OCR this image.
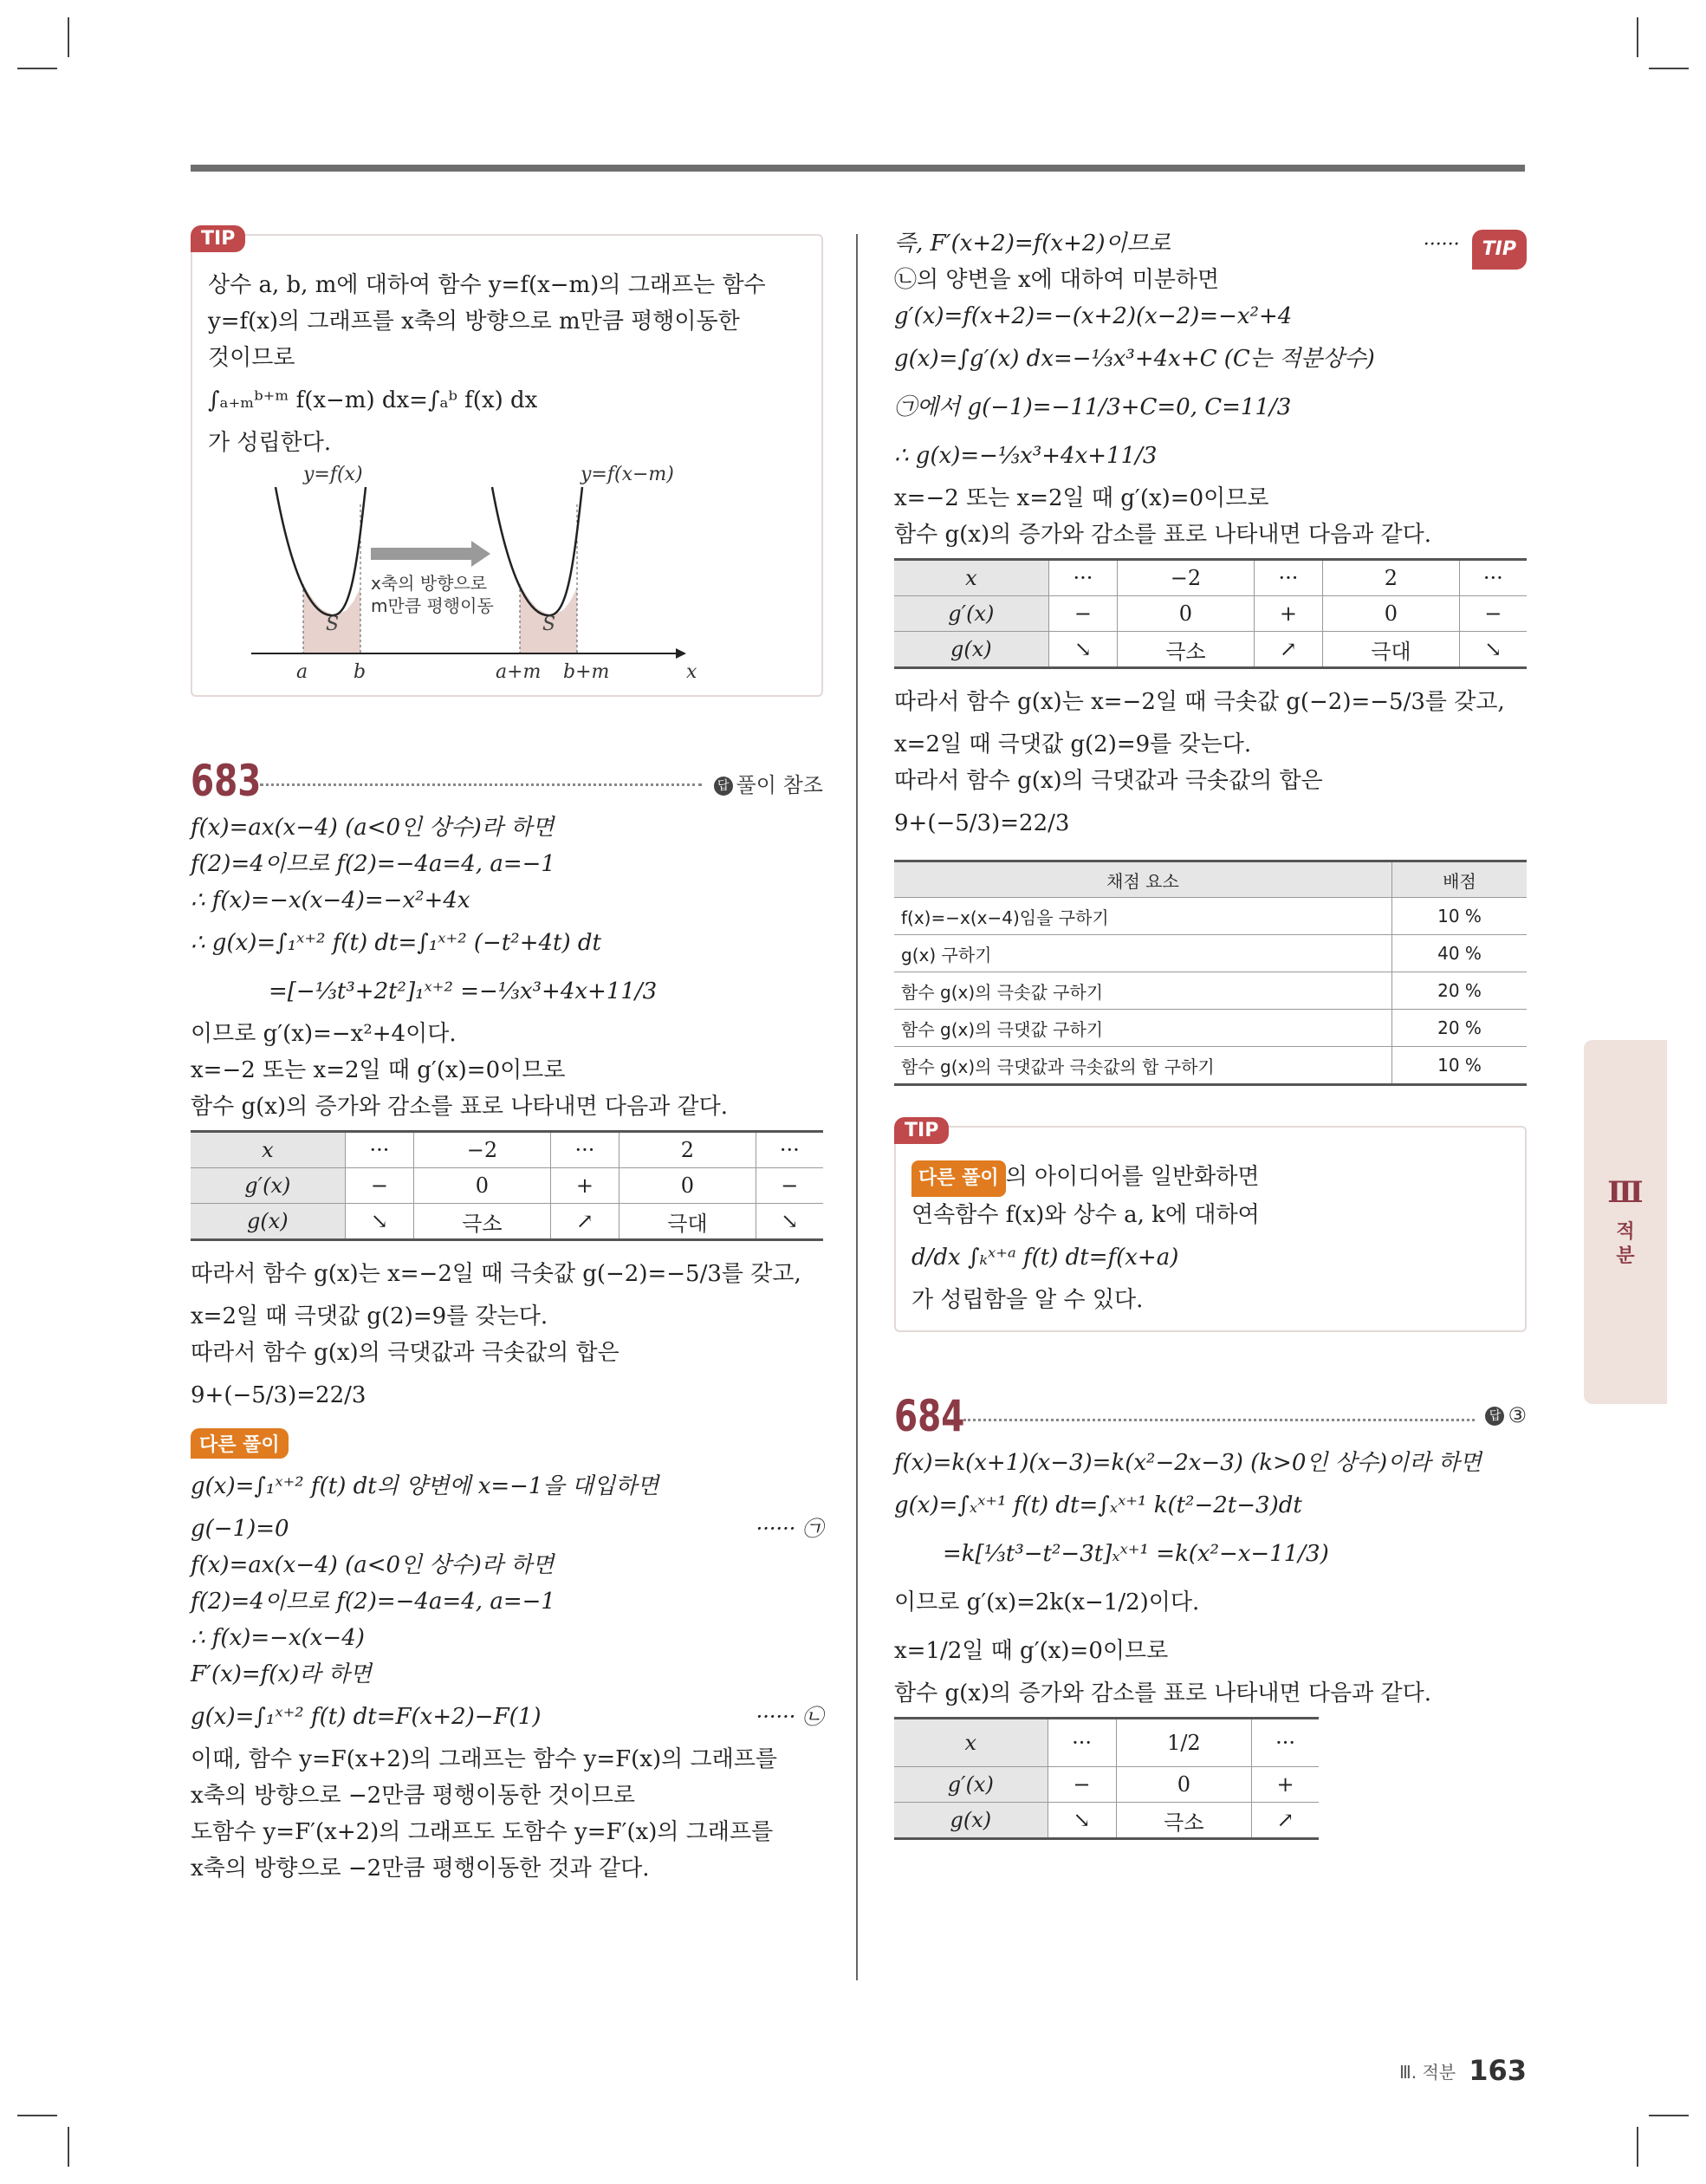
TIP

상수 a, b, m에 대하여 함수 y=f(x−m)의 그래프는 함수

y=f(x)의 그래프를 x축의 방향으로 m만큼 평행이동한

것이므로

∫ₐ₊ₘᵇ⁺ᵐ f(x−m) dx=∫ₐᵇ f(x) dx

가 성립한다.

y=f(x)	y=f(x−m)
x축의 방향으로
m만큼 평행이동
S	S
a b	a+m b+m	x
683	답 풀이 참조

f(x)=ax(x−4) (a<0인 상수)라 하면

f(2)=4이므로 f(2)=−4a=4, a=−1

∴ f(x)=−x(x−4)=−x²+4x

∴ g(x)=∫₁ˣ⁺² f(t) dt=∫₁ˣ⁺² (−t²+4t) dt

=[−⅓t³+2t²]₁ˣ⁺² =−⅓x³+4x+11/3

이므로 g′(x)=−x²+4이다.

x=−2 또는 x=2일 때 g′(x)=0이므로

함수 g(x)의 증가와 감소를 표로 나타내면 다음과 같다.

x	···	−2	···	2	···
g′(x)	−	0	+	0	−
g(x)	↘	극소	↗	극대	↘

따라서 함수 g(x)는 x=−2일 때 극솟값 g(−2)=−5/3를 갖고,

x=2일 때 극댓값 g(2)=9를 갖는다.

따라서 함수 g(x)의 극댓값과 극솟값의 합은

9+(−5/3)=22/3

다른 풀이

g(x)=∫₁ˣ⁺² f(t) dt의 양변에 x=−1을 대입하면

g(−1)=0	······ ㉠

f(x)=ax(x−4) (a<0인 상수)라 하면

f(2)=4이므로 f(2)=−4a=4, a=−1

∴ f(x)=−x(x−4)

F′(x)=f(x)라 하면

g(x)=∫₁ˣ⁺² f(t) dt=F(x+2)−F(1)	······ ㉡

이때, 함수 y=F(x+2)의 그래프는 함수 y=F(x)의 그래프를

x축의 방향으로 −2만큼 평행이동한 것이므로

도함수 y=F′(x+2)의 그래프도 도함수 y=F′(x)의 그래프를

x축의 방향으로 −2만큼 평행이동한 것과 같다.

TIP
······
즉, F′(x+2)=f(x+2)이므로

㉡의 양변을 x에 대하여 미분하면

g′(x)=f(x+2)=−(x+2)(x−2)=−x²+4

g(x)=∫g′(x) dx=−⅓x³+4x+C (C는 적분상수)

㉠에서 g(−1)=−11/3+C=0, C=11/3

∴ g(x)=−⅓x³+4x+11/3

x=−2 또는 x=2일 때 g′(x)=0이므로

함수 g(x)의 증가와 감소를 표로 나타내면 다음과 같다.

x	···	−2	···	2	···
g′(x)	−	0	+	0	−
g(x)	↘	극소	↗	극대	↘

따라서 함수 g(x)는 x=−2일 때 극솟값 g(−2)=−5/3를 갖고,

x=2일 때 극댓값 g(2)=9를 갖는다.

따라서 함수 g(x)의 극댓값과 극솟값의 합은

9+(−5/3)=22/3

채점 요소	배점
f(x)=−x(x−4)임을 구하기	10 %
g(x) 구하기	40 %
함수 g(x)의 극솟값 구하기	20 %
함수 g(x)의 극댓값 구하기	20 %
함수 g(x)의 극댓값과 극솟값의 합 구하기	10 %
TIP

다른 풀이 의 아이디어를 일반화하면

연속함수 f(x)와 상수 a, k에 대하여

d/dx ∫ₖˣ⁺ᵃ f(t) dt=f(x+a)

가 성립함을 알 수 있다.

684	답 ③

f(x)=k(x+1)(x−3)=k(x²−2x−3) (k>0인 상수)이라 하면

g(x)=∫ₓˣ⁺¹ f(t) dt=∫ₓˣ⁺¹ k(t²−2t−3)dt

=k[⅓t³−t²−3t]ₓˣ⁺¹ =k(x²−x−11/3)

이므로 g′(x)=2k(x−1/2)이다.

x=1/2일 때 g′(x)=0이므로

함수 g(x)의 증가와 감소를 표로 나타내면 다음과 같다.

x	···	1/2	···
g′(x)	−	0	+
g(x)	↘	극소	↗
Ⅲ
적
분
Ⅲ. 적분 163
